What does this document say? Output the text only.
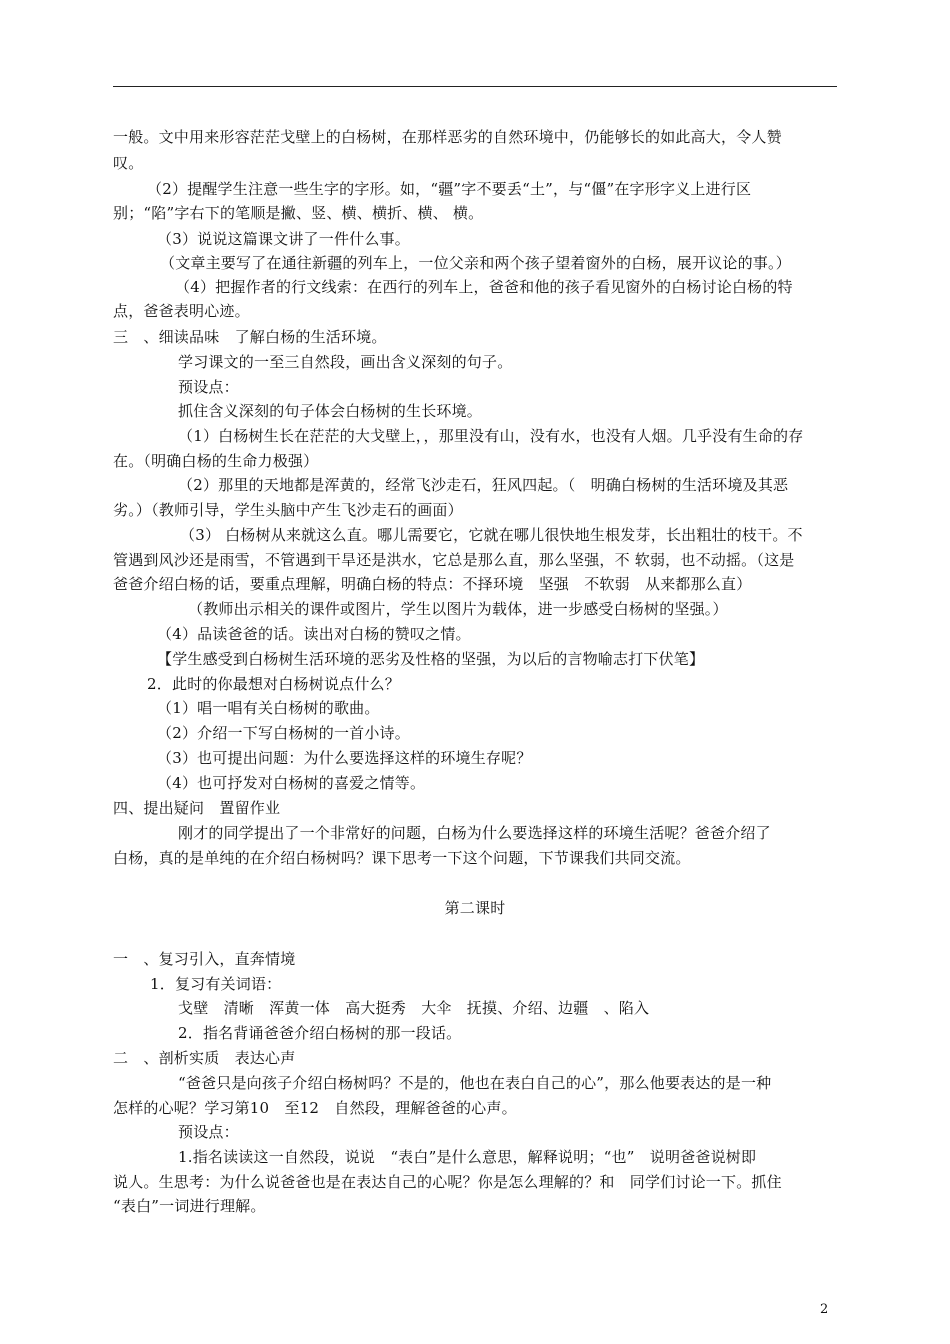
一般。文中用来形容茫茫戈壁上的白杨树，在那样恶劣的自然环境中，仍能够长的如此高大，令人赞
叹。
（2）提醒学生注意一些生字的字形。如，“疆”字不要丢“土”，与“僵”在字形字义上进行区
别；“陷”字右下的笔顺是撇、竖、横、横折、横、 横。
（3）说说这篇课文讲了一件什么事。
（文章主要写了在通往新疆的列车上，一位父亲和两个孩子望着窗外的白杨，展开议论的事。）
（4）把握作者的行文线索：在西行的列车上，爸爸和他的孩子看见窗外的白杨讨论白杨的特
点，爸爸表明心迹。
三　、细读品味　了解白杨的生活环境。
学习课文的一至三自然段，画出含义深刻的句子。
预设点：
抓住含义深刻的句子体会白杨树的生长环境。
（1）白杨树生长在茫茫的大戈壁上，，那里没有山，没有水，也没有人烟。几乎没有生命的存
在。（明确白杨的生命力极强）
（2）那里的天地都是浑黄的，经常飞沙走石，狂风四起。（　明确白杨树的生活环境及其恶
劣。）（教师引导，学生头脑中产生飞沙走石的画面）
（3） 白杨树从来就这么直。哪儿需要它，它就在哪儿很快地生根发芽，长出粗壮的枝干。不
管遇到风沙还是雨雪，不管遇到干旱还是洪水，它总是那么直，那么坚强，不 软弱，也不动摇。（这是
爸爸介绍白杨的话，要重点理解，明确白杨的特点：不择环境　坚强　不软弱　从来都那么直）
（教师出示相关的课件或图片，学生以图片为载体，进一步感受白杨树的坚强。）
（4）品读爸爸的话。读出对白杨的赞叹之情。
【学生感受到白杨树生活环境的恶劣及性格的坚强，为以后的言物喻志打下伏笔】
2．此时的你最想对白杨树说点什么？
（1）唱一唱有关白杨树的歌曲。
（2）介绍一下写白杨树的一首小诗。
（3）也可提出问题：为什么要选择这样的环境生存呢？
（4）也可抒发对白杨树的喜爱之情等。
四、提出疑问　置留作业
刚才的同学提出了一个非常好的问题，白杨为什么要选择这样的环境生活呢？爸爸介绍了
白杨，真的是单纯的在介绍白杨树吗？课下思考一下这个问题，下节课我们共同交流。
第二课时
一　、复习引入，直奔情境
1．复习有关词语：
戈壁　清晰　浑黄一体　高大挺秀　大伞　抚摸、介绍、边疆　、陷入
2．指名背诵爸爸介绍白杨树的那一段话。
二　、剖析实质　表达心声
“爸爸只是向孩子介绍白杨树吗？不是的，他也在表白自己的心”，那么他要表达的是一种
怎样的心呢？学习第10　至12　自然段，理解爸爸的心声。
预设点：
1.指名读读这一自然段，说说　“表白”是什么意思，解释说明；“也”　说明爸爸说树即
说人。生思考：为什么说爸爸也是在表达自己的心呢？你是怎么理解的？和　同学们讨论一下。抓住
“表白”一词进行理解。
2
